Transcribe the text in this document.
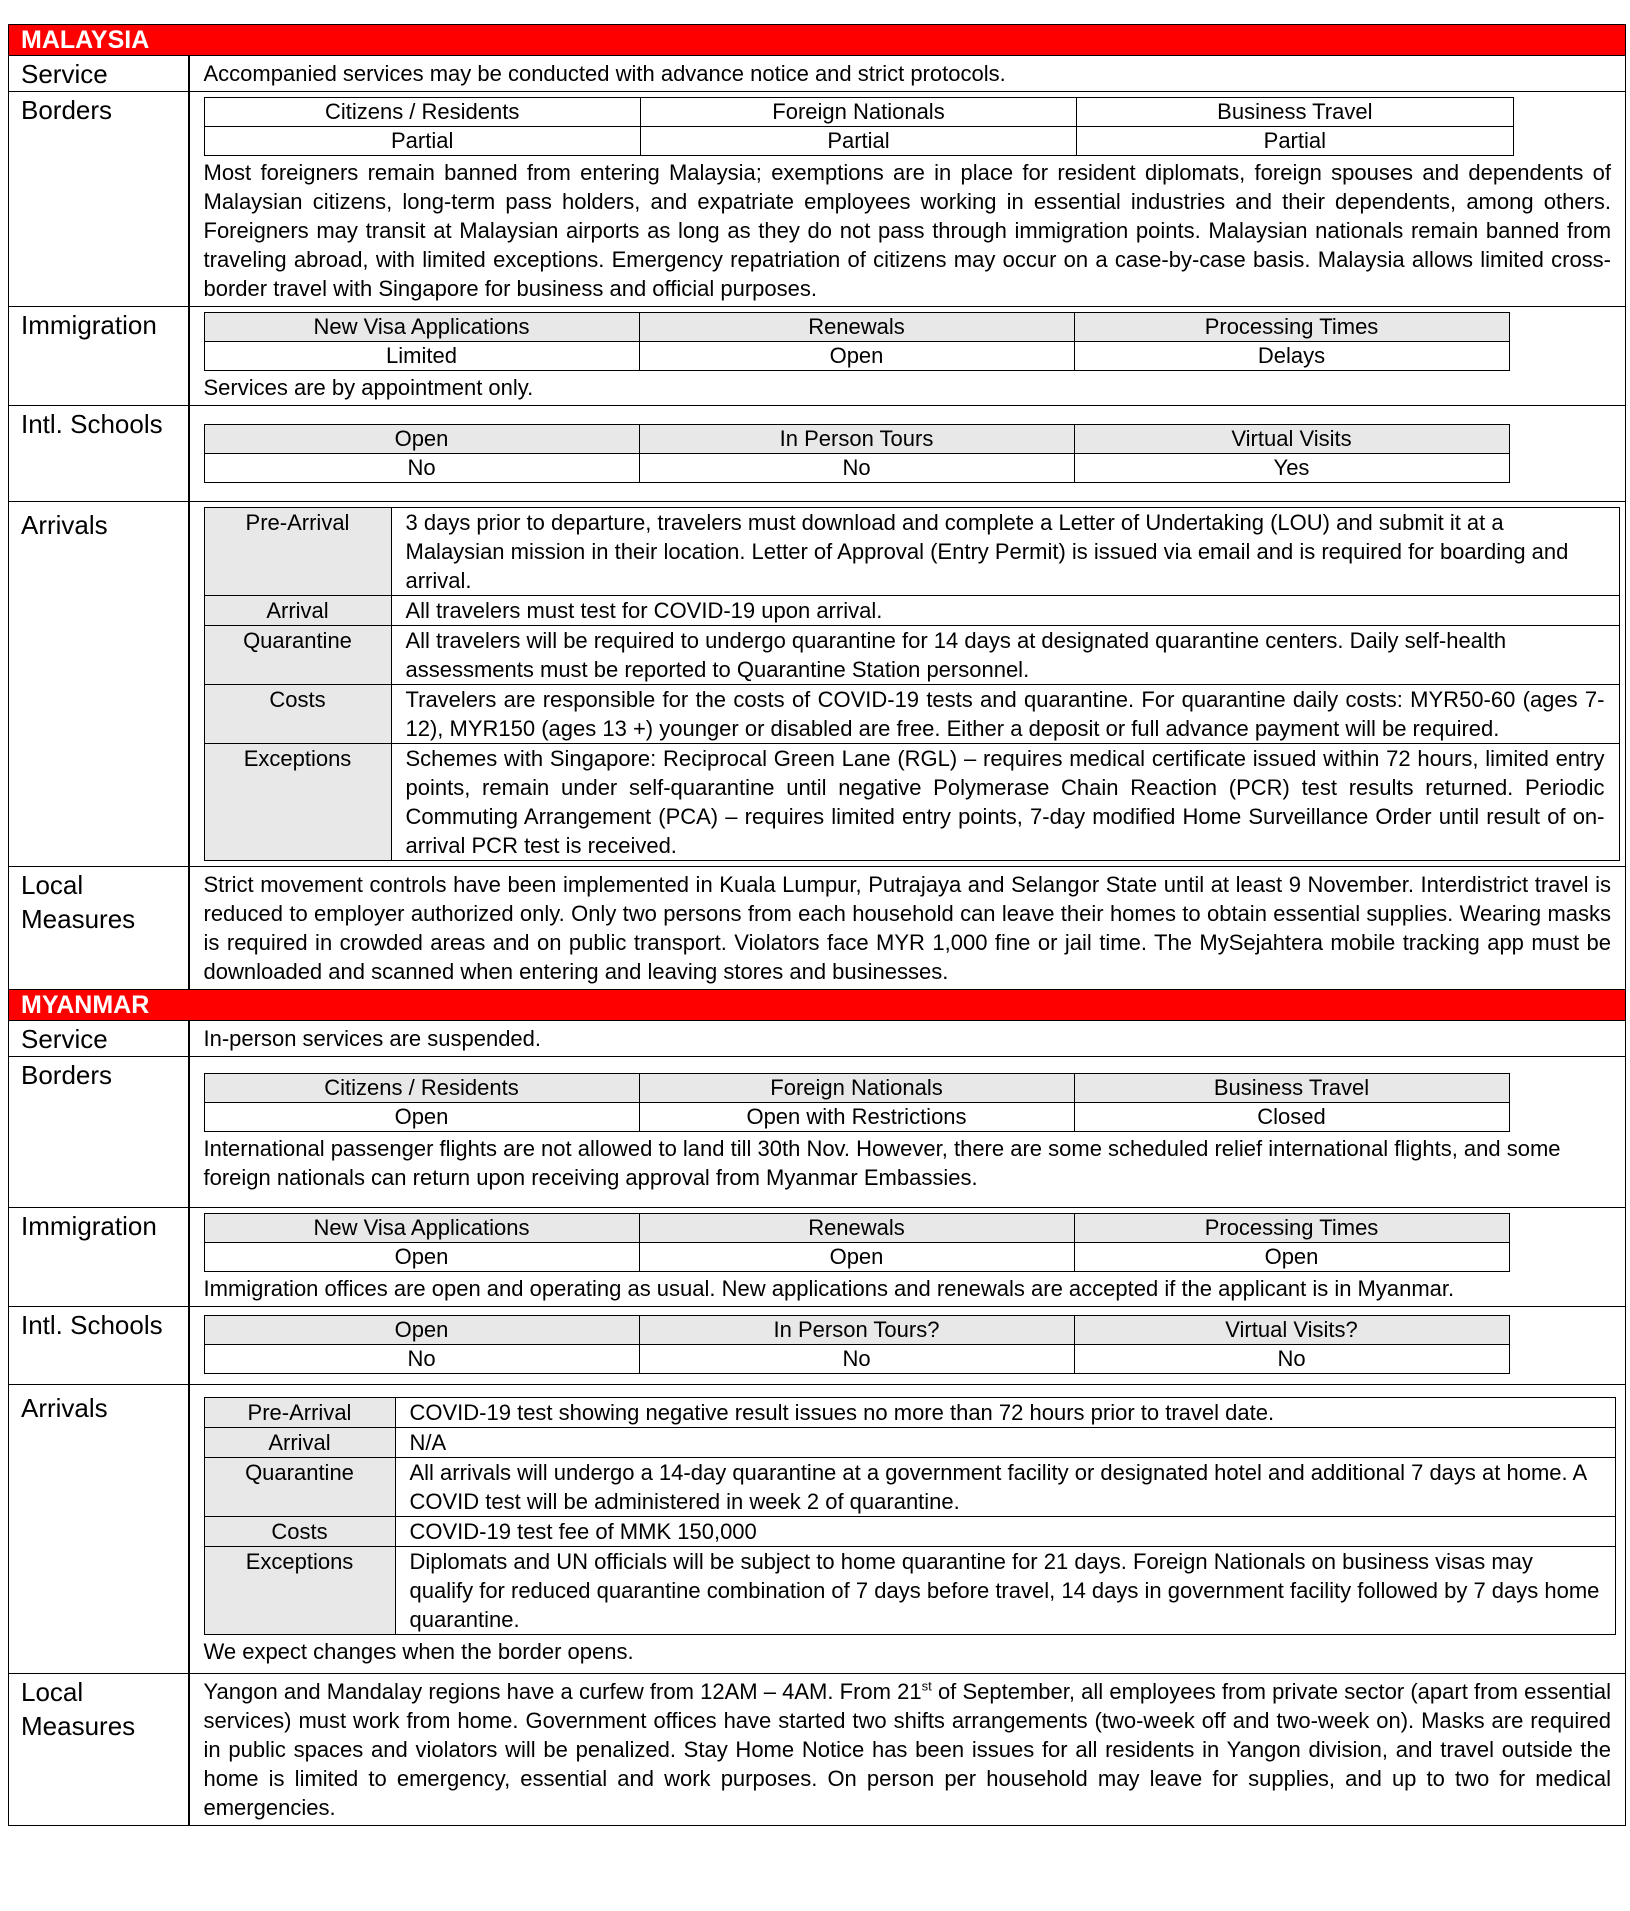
MALAYSIA
Service	Accompanied services may be conducted with advance notice and strict protocols.
Borders		Citizens / Residents	Foreign Nationals	Business Travel
Partial	Partial	Partial

Most foreigners remain banned from entering Malaysia; exemptions are in place for resident diplomats, foreign spouses and dependents of Malaysian citizens, long-term pass holders, and expatriate employees working in essential industries and their dependents, among others. Foreigners may transit at Malaysian airports as long as they do not pass through immigration points. Malaysian nationals remain banned from traveling abroad, with limited exceptions. Emergency repatriation of citizens may occur on a case-by-case basis. Malaysia allows limited cross-border travel with Singapore for business and official purposes.

Immigration		New Visa Applications	Renewals	Processing Times
Limited	Open	Delays

Services are by appointment only.

Intl. Schools		Open	In Person Tours	Virtual Visits
No	No	Yes

Arrivals		Pre-Arrival	3 days prior to departure, travelers must download and complete a Letter of Undertaking (LOU) and submit it at a Malaysian mission in their location. Letter of Approval (Entry Permit) is issued via email and is required for boarding and arrival.
Arrival	All travelers must test for COVID-19 upon arrival.
Quarantine	All travelers will be required to undergo quarantine for 14 days at designated quarantine centers. Daily self-health assessments must be reported to Quarantine Station personnel.
Costs	Travelers are responsible for the costs of COVID-19 tests and quarantine. For quarantine daily costs: MYR50-60 (ages 7-12), MYR150 (ages 13 +) younger or disabled are free. Either a deposit or full advance payment will be required.
Exceptions	Schemes with Singapore: Reciprocal Green Lane (RGL) – requires medical certificate issued within 72 hours, limited entry points, remain under self-quarantine until negative Polymerase Chain Reaction (PCR) test results returned. Periodic Commuting Arrangement (PCA) – requires limited entry points, 7-day modified Home Surveillance Order until result of on-arrival PCR test is received.

Local
Measures
	Strict movement controls have been implemented in Kuala Lumpur, Putrajaya and Selangor State until at least 9 November. Interdistrict travel is reduced to employer authorized only. Only two persons from each household can leave their homes to obtain essential supplies. Wearing masks is required in crowded areas and on public transport. Violators face MYR 1,000 fine or jail time. The MySejahtera mobile tracking app must be downloaded and scanned when entering and leaving stores and businesses.
MYANMAR
Service	In-person services are suspended.
Borders		Citizens / Residents	Foreign Nationals	Business Travel
Open	Open with Restrictions	Closed

International passenger flights are not allowed to land till 30th Nov. However, there are some scheduled relief international flights, and some foreign nationals can return upon receiving approval from Myanmar Embassies.

Immigration		New Visa Applications	Renewals	Processing Times
Open	Open	Open

Immigration offices are open and operating as usual. New applications and renewals are accepted if the applicant is in Myanmar.

Intl. Schools		Open	In Person Tours?	Virtual Visits?
No	No	No

Arrivals		Pre-Arrival	COVID-19 test showing negative result issues no more than 72 hours prior to travel date.
Arrival	N/A
Quarantine	All arrivals will undergo a 14-day quarantine at a government facility or designated hotel and additional 7 days at home. A COVID test will be administered in week 2 of quarantine.
Costs	COVID-19 test fee of MMK 150,000
Exceptions	Diplomats and UN officials will be subject to home quarantine for 21 days. Foreign Nationals on business visas may qualify for reduced quarantine combination of 7 days before travel, 14 days in government facility followed by 7 days home quarantine.

We expect changes when the border opens.

Local
Measures
	Yangon and Mandalay regions have a curfew from 12AM – 4AM. From 21st of September, all employees from private sector (apart from essential services) must work from home. Government offices have started two shifts arrangements (two-week off and two-week on). Masks are required in public spaces and violators will be penalized. Stay Home Notice has been issues for all residents in Yangon division, and travel outside the home is limited to emergency, essential and work purposes. On person per household may leave for supplies, and up to two for medical emergencies.
